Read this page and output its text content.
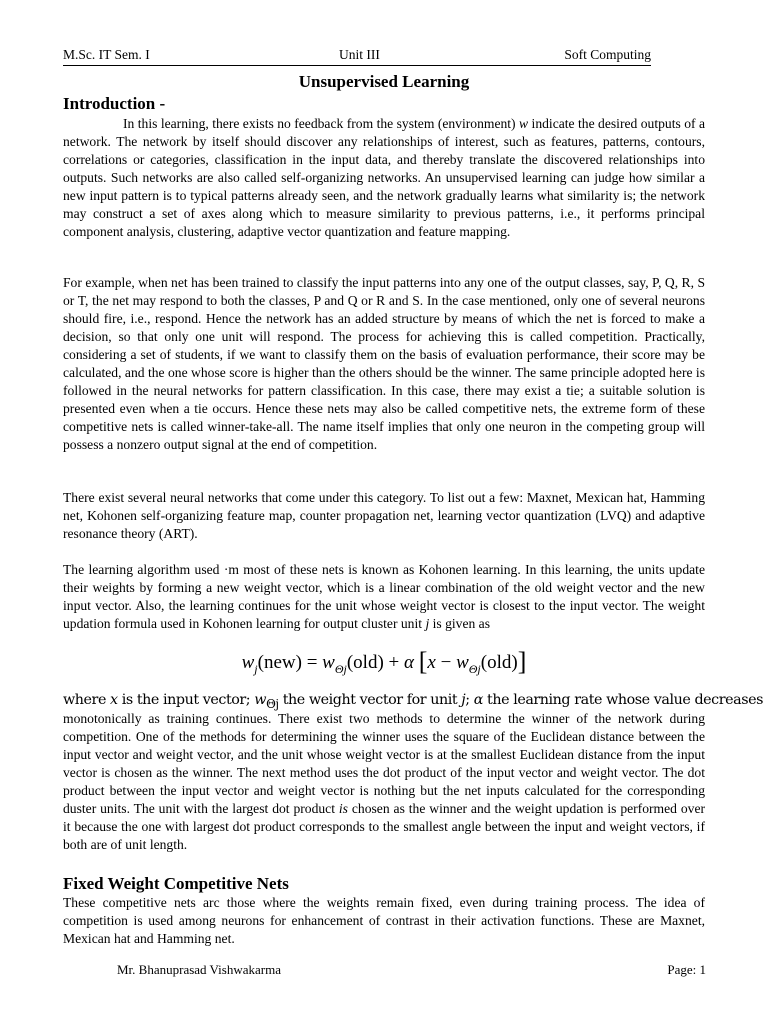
M.Sc. IT Sem. I	Unit III	Soft Computing
Unsupervised Learning
Introduction -

In this learning, there exists no feedback from the system (environment) w indicate the desired outputs of a network. The network by itself should discover any relationships of interest, such as features, patterns, contours, correlations or categories, classification in the input data, and thereby translate the discovered relationships into outputs. Such networks are also called self-organizing networks. An unsupervised learning can judge how similar a new input pattern is to typical patterns already seen, and the network gradually learns what similarity is; the network may construct a set of axes along which to measure similarity to previous patterns, i.e., it performs principal component analysis, clustering, adaptive vector quantization and feature mapping.

For example, when net has been trained to classify the input patterns into any one of the output classes, say, P, Q, R, S or T, the net may respond to both the classes, P and Q or R and S. In the case mentioned, only one of several neurons should fire, i.e., respond. Hence the network has an added structure by means of which the net is forced to make a decision, so that only one unit will respond. The process for achieving this is called competition. Practically, considering a set of students, if we want to classify them on the basis of evaluation performance, their score may be calculated, and the one whose score is higher than the others should be the winner. The same principle adopted here is followed in the neural networks for pattern classification. In this case, there may exist a tie; a suitable solution is presented even when a tie occurs. Hence these nets may also be called competitive nets, the extreme form of these competitive nets is called winner-take-all. The name itself implies that only one neuron in the competing group will possess a nonzero output signal at the end of competition.

There exist several neural networks that come under this category. To list out a few: Maxnet, Mexican hat, Hamming net, Kohonen self-organizing feature map, counter propagation net, learning vector quantization (LVQ) and adaptive resonance theory (ART).

The learning algorithm used ·m most of these nets is known as Kohonen learning. In this learning, the units update their weights by forming a new weight vector, which is a linear combination of the old weight vector and the new input vector. Also, the learning continues for the unit whose weight vector is closest to the input vector. The weight updation formula used in Kohonen learning for output cluster unit j is given as

$w_j(new) = w_{\Theta j}(old) + \alpha$ $[x - w_{\Theta j}(old)]$
where x is the input vector; $w_{\Theta j}$ the weight vector for unit j; α the learning rate whose value decreases

monotonically as training continues. There exist two methods to determine the winner of the network during competition. One of the methods for determining the winner uses the square of the Euclidean distance between the input vector and weight vector, and the unit whose weight vector is at the smallest Euclidean distance from the input vector is chosen as the winner. The next method uses the dot product of the input vector and weight vector. The dot product between the input vector and weight vector is nothing but the net inputs calculated for the corresponding duster units. The unit with the largest dot product is chosen as the winner and the weight updation is performed over it because the one with largest dot product corresponds to the smallest angle between the input and weight vectors, if both are of unit length.

Fixed Weight Competitive Nets

These competitive nets arc those where the weights remain fixed, even during training process. The idea of competition is used among neurons for enhancement of contrast in their activation functions. These are Maxnet, Mexican hat and Hamming net.

Mr. Bhanuprasad Vishwakarma	Page: 1
